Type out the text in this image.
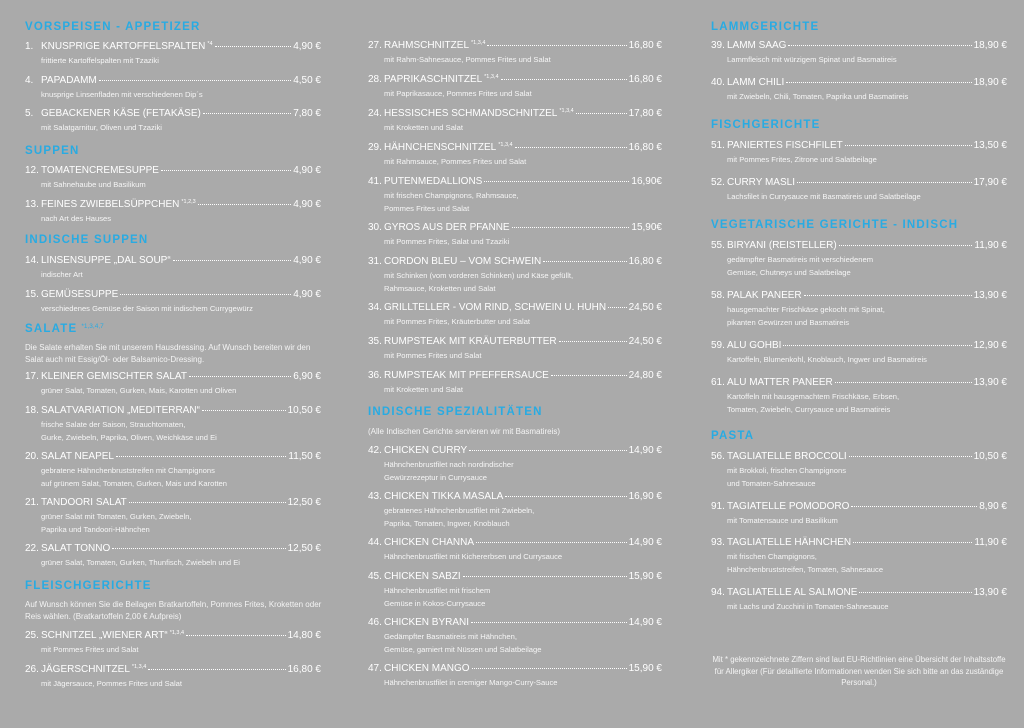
VORSPEISEN - APPETIZER
1. KNUSPRIGE KARTOFFELSPALTEN $^{*4}$	4,90 €
frittierte Kartoffelspalten mit Tzaziki
4. PAPADAMM	4,50 €
knusprige Linsenfladen mit verschiedenen Dip´s
5. GEBACKENER KÄSE (FETAKÄSE)	7,80 €
mit Salatgarnitur, Oliven und Tzaziki
SUPPEN
12. TOMATENCREMESUPPE	4,90 €
mit Sahnehaube und Basilikum
13. FEINES ZWIEBELSÜPPCHEN $^{*1,2,3}$	4,90 €
nach Art des Hauses
INDISCHE SUPPEN
14. LINSENSUPPE „DAL SOUP“	4,90 €
indischer Art
15. GEMÜSESUPPE	4,90 €
verschiedenes Gemüse der Saison mit indischem Currygewürz
SALATE $^{*1,3,4,7}$
Die Salate erhalten Sie mit unserem Hausdressing. Auf Wunsch bereiten wir den Salat auch mit Essig/Öl- oder Balsamico-Dressing.
17. KLEINER GEMISCHTER SALAT	6,90 €
grüner Salat, Tomaten, Gurken, Mais, Karotten und Oliven
18. SALATVARIATION „MEDITERRAN“	10,50 €
frische Salate der Saison, Strauchtomaten,
Gurke, Zwiebeln, Paprika, Oliven, Weichkäse und Ei
20. SALAT NEAPEL	11,50 €
gebratene Hähnchenbruststreifen mit Champignons
auf grünem Salat, Tomaten, Gurken, Mais und Karotten
21. TANDOORI SALAT	12,50 €
grüner Salat mit Tomaten, Gurken, Zwiebeln,
Paprika und Tandoori-Hähnchen
22. SALAT TONNO	12,50 €
grüner Salat, Tomaten, Gurken, Thunfisch, Zwiebeln und Ei
FLEISCHGERICHTE
Auf Wunsch können Sie die Beilagen Bratkartoffeln, Pommes Frites, Kroketten oder Reis wählen. (Bratkartoffeln 2,00 € Aufpreis)
25. SCHNITZEL „WIENER ART“ $^{*1,3,4}$	14,80 €
mit Pommes Frites und Salat
26. JÄGERSCHNITZEL $^{*1,3,4}$	16,80 €
mit Jägersauce, Pommes Frites und Salat
27. RAHMSCHNITZEL $^{*1,3,4}$	16,80 €
mit Rahm-Sahnesauce, Pommes Frites und Salat
28. PAPRIKASCHNITZEL $^{*1,3,4}$	16,80 €
mit Paprikasauce, Pommes Frites und Salat
24. HESSISCHES SCHMANDSCHNITZEL $^{*1,3,4}$	17,80 €
mit Kroketten und Salat
29. HÄHNCHENSCHNITZEL $^{*1,3,4}$	16,80 €
mit Rahmsauce, Pommes Frites und Salat
41. PUTENMEDALLIONS	16,90€
mit frischen Champignons, Rahmsauce,
Pommes Frites und Salat
30. GYROS AUS DER PFANNE	15,90€
mit Pommes Frites, Salat und Tzaziki
31. CORDON BLEU – VOM SCHWEIN	16,80 €
mit Schinken (vom vorderen Schinken) und Käse gefüllt,
Rahmsauce, Kroketten und Salat
34. GRILLTELLER - VOM RIND, SCHWEIN U. HUHN 24,50 €
mit Pommes Frites, Kräuterbutter und Salat
35. RUMPSTEAK MIT KRÄUTERBUTTER	24,50 €
mit Pommes Frites und Salat
36. RUMPSTEAK MIT PFEFFERSAUCE	24,80 €
mit Kroketten und Salat
INDISCHE SPEZIALITÄTEN
(Alle Indischen Gerichte servieren wir mit Basmatireis)
42. CHICKEN CURRY	14,90 €
Hähnchenbrustfilet nach nordindischer
Gewürzrezeptur in Currysauce
43. CHICKEN TIKKA MASALA	16,90 €
gebratenes Hähnchenbrustfilet mit Zwiebeln,
Paprika, Tomaten, Ingwer, Knoblauch
44. CHICKEN CHANNA	14,90 €
Hähnchenbrustfilet mit Kichererbsen und Currysauce
45. CHICKEN SABZI	15,90 €
Hähnchenbrustfilet mit frischem
Gemüse in Kokos-Currysauce
46. CHICKEN BYRANI	14,90 €
Gedämpfter Basmatireis mit Hähnchen,
Gemüse, garniert mit Nüssen und Salatbeilage
47. CHICKEN MANGO	15,90 €
Hähnchenbrustfilet in cremiger Mango-Curry-Sauce
LAMMGERICHTE
39. LAMM SAAG	18,90 €
Lammfleisch mit würzigem Spinat und Basmatireis
40. LAMM CHILI	18,90 €
mit Zwiebeln, Chili, Tomaten, Paprika und Basmatireis
FISCHGERICHTE
51. PANIERTES FISCHFILET	13,50 €
mit Pommes Frites, Zitrone und Salatbeilage
52. CURRY MASLI	17,90 €
Lachsfilet in Currysauce mit Basmatireis und Salatbeilage
VEGETARISCHE GERICHTE - INDISCH
55. BIRYANI (REISTELLER)	11,90 €
gedämpfter Basmatireis mit verschiedenem
Gemüse, Chutneys und Salatbeilage
58. PALAK PANEER	13,90 €
hausgemachter Frischkäse gekocht mit Spinat,
pikanten Gewürzen und Basmatireis
59. ALU GOHBI	12,90 €
Kartoffeln, Blumenkohl, Knoblauch, Ingwer und Basmatireis
61. ALU MATTER PANEER	13,90 €
Kartoffeln mit hausgemachtem Frischkäse, Erbsen,
Tomaten, Zwiebeln, Currysauce und Basmatireis
PASTA
56. TAGLIATELLE BROCCOLI	10,50 €
mit Brokkoli, frischen Champignons
und Tomaten-Sahnesauce
91. TAGIATELLE POMODORO	8,90 €
mit Tomatensauce und Basilikum
93. TAGLIATELLE HÄHNCHEN	11,90 €
mit frischen Champignons,
Hähnchenbruststreifen, Tomaten, Sahnesauce
94. TAGLIATELLE AL SALMONE	13,90 €
mit Lachs und Zucchini in Tomaten-Sahnesauce
Mit * gekennzeichnete Ziffern sind laut EU-Richtlinien eine Übersicht der Inhaltsstoffe für Allergiker (Für detaillierte Informationen wenden Sie sich bitte an das zuständige Personal.)
